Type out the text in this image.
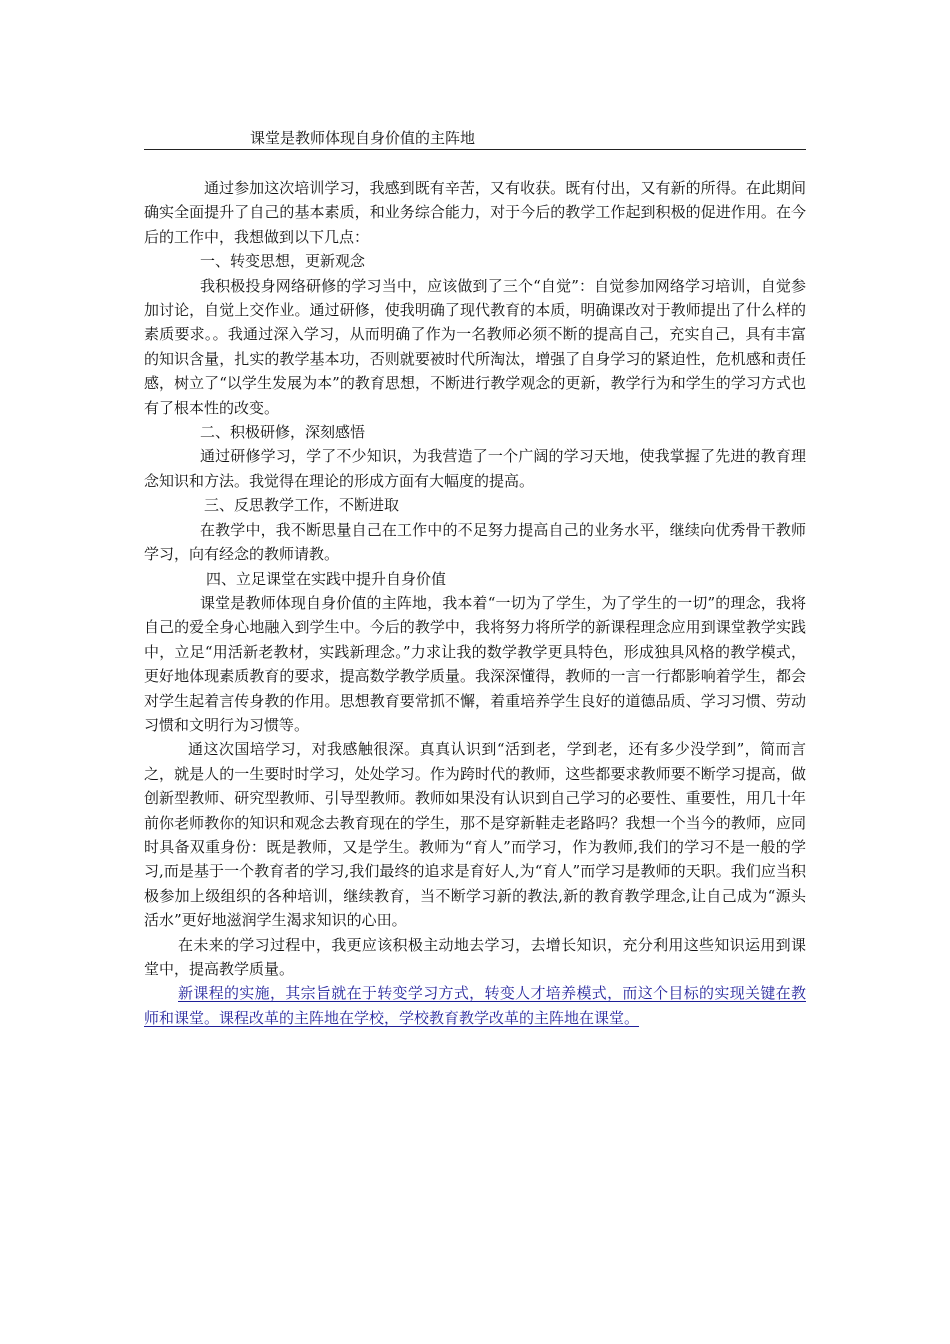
课堂是教师体现自身价值的主阵地

通过参加这次培训学习，我感到既有辛苦，又有收获。既有付出，又有新的所得。在此期间确实全面提升了自己的基本素质，和业务综合能力，对于今后的教学工作起到积极的促进作用。在今后的工作中，我想做到以下几点：

一、转变思想，更新观念

我积极投身网络研修的学习当中，应该做到了三个“自觉”：自觉参加网络学习培训，自觉参加讨论，自觉上交作业。通过研修，使我明确了现代教育的本质，明确课改对于教师提出了什么样的素质要求。。我通过深入学习，从而明确了作为一名教师必须不断的提高自己，充实自己，具有丰富的知识含量，扎实的教学基本功，否则就要被时代所淘汰，增强了自身学习的紧迫性，危机感和责任感，树立了“以学生发展为本”的教育思想，不断进行教学观念的更新，教学行为和学生的学习方式也有了根本性的改变。

二、积极研修，深刻感悟

通过研修学习，学了不少知识，为我营造了一个广阔的学习天地，使我掌握了先进的教育理念知识和方法。我觉得在理论的形成方面有大幅度的提高。

三、反思教学工作，不断进取

在教学中，我不断思量自己在工作中的不足努力提高自己的业务水平，继续向优秀骨干教师学习，向有经念的教师请教。

四、立足课堂在实践中提升自身价值

课堂是教师体现自身价值的主阵地，我本着“一切为了学生，为了学生的一切”的理念，我将自己的爱全身心地融入到学生中。今后的教学中，我将努力将所学的新课程理念应用到课堂教学实践中，立足“用活新老教材，实践新理念。”力求让我的数学教学更具特色，形成独具风格的教学模式，更好地体现素质教育的要求，提高数学教学质量。我深深懂得，教师的一言一行都影响着学生，都会对学生起着言传身教的作用。思想教育要常抓不懈，着重培养学生良好的道德品质、学习习惯、劳动习惯和文明行为习惯等。

通这次国培学习，对我感触很深。真真认识到“活到老，学到老，还有多少没学到”，简而言之，就是人的一生要时时学习，处处学习。作为跨时代的教师，这些都要求教师要不断学习提高，做创新型教师、研究型教师、引导型教师。教师如果没有认识到自己学习的必要性、重要性，用几十年前你老师教你的知识和观念去教育现在的学生，那不是穿新鞋走老路吗？我想一个当今的教师，应同时具备双重身份：既是教师，又是学生。教师为“育人”而学习，作为教师,我们的学习不是一般的学习,而是基于一个教育者的学习,我们最终的追求是育好人,为“育人”而学习是教师的天职。我们应当积极参加上级组织的各种培训，继续教育，当不断学习新的教法,新的教育教学理念,让自己成为“源头活水”更好地滋润学生渴求知识的心田。

在未来的学习过程中，我更应该积极主动地去学习，去增长知识，充分利用这些知识运用到课堂中，提高教学质量。

新课程的实施，其宗旨就在于转变学习方式，转变人才培养模式，而这个目标的实现关键在教师和课堂。课程改革的主阵地在学校，学校教育教学改革的主阵地在课堂。
